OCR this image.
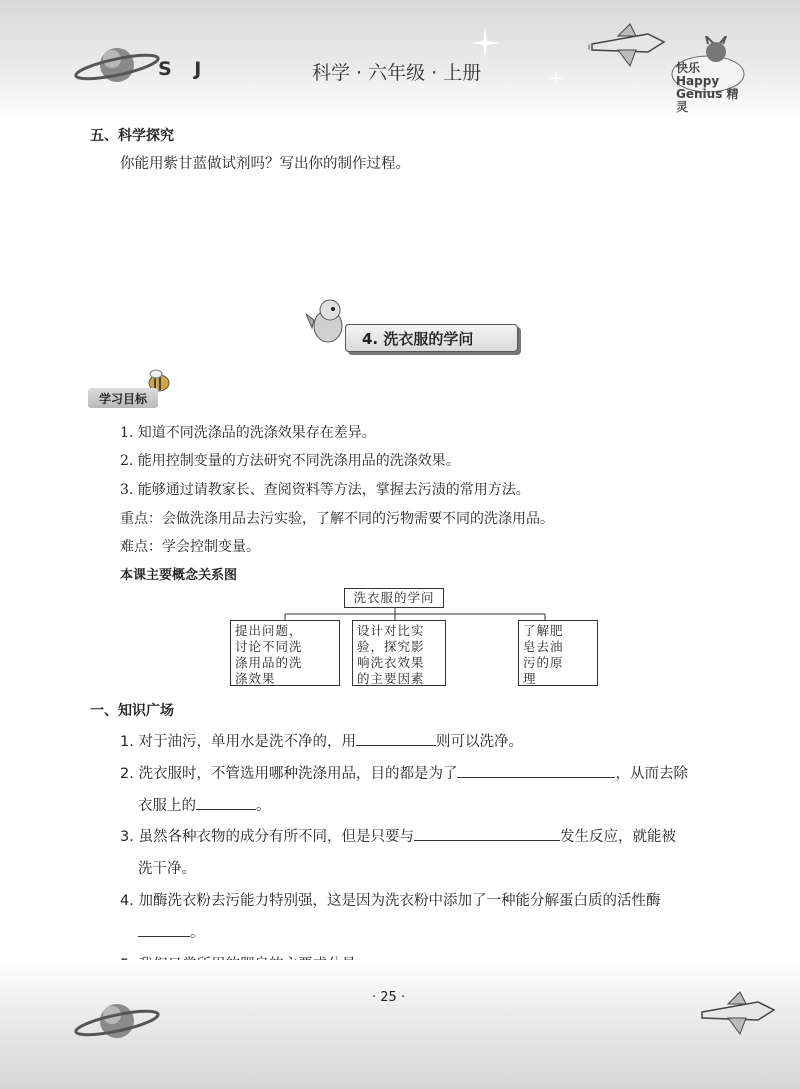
S J	科学 · 六年级 · 上册	快乐 Happy Genius 精灵
五、科学探究
你能用紫甘蓝做试剂吗？写出你的制作过程。
4. 洗衣服的学问
学习目标
1. 知道不同洗涤品的洗涤效果存在差异。
2. 能用控制变量的方法研究不同洗涤用品的洗涤效果。
3. 能够通过请教家长、查阅资料等方法，掌握去污渍的常用方法。
重点：会做洗涤用品去污实验，了解不同的污物需要不同的洗涤用品。
难点：学会控制变量。
本课主要概念关系图
洗衣服的学问
提出问题，
讨论不同洗
涤用品的洗
涤效果
设计对比实
验，探究影
响洗衣效果
的主要因素
了解肥
皂去油
污的原
理
一、知识广场
1. 对于油污，单用水是洗不净的，用	则可以洗净。
2. 洗衣服时，不管选用哪种洗涤用品，目的都是为了	，从而去除
衣服上的	。
3. 虽然各种衣物的成分有所不同，但是只要与	发生反应，就能被
洗干净。
4. 加酶洗衣粉去污能力特别强，这是因为洗衣粉中添加了一种能分解蛋白质的活性酶
。
· 25 ·
